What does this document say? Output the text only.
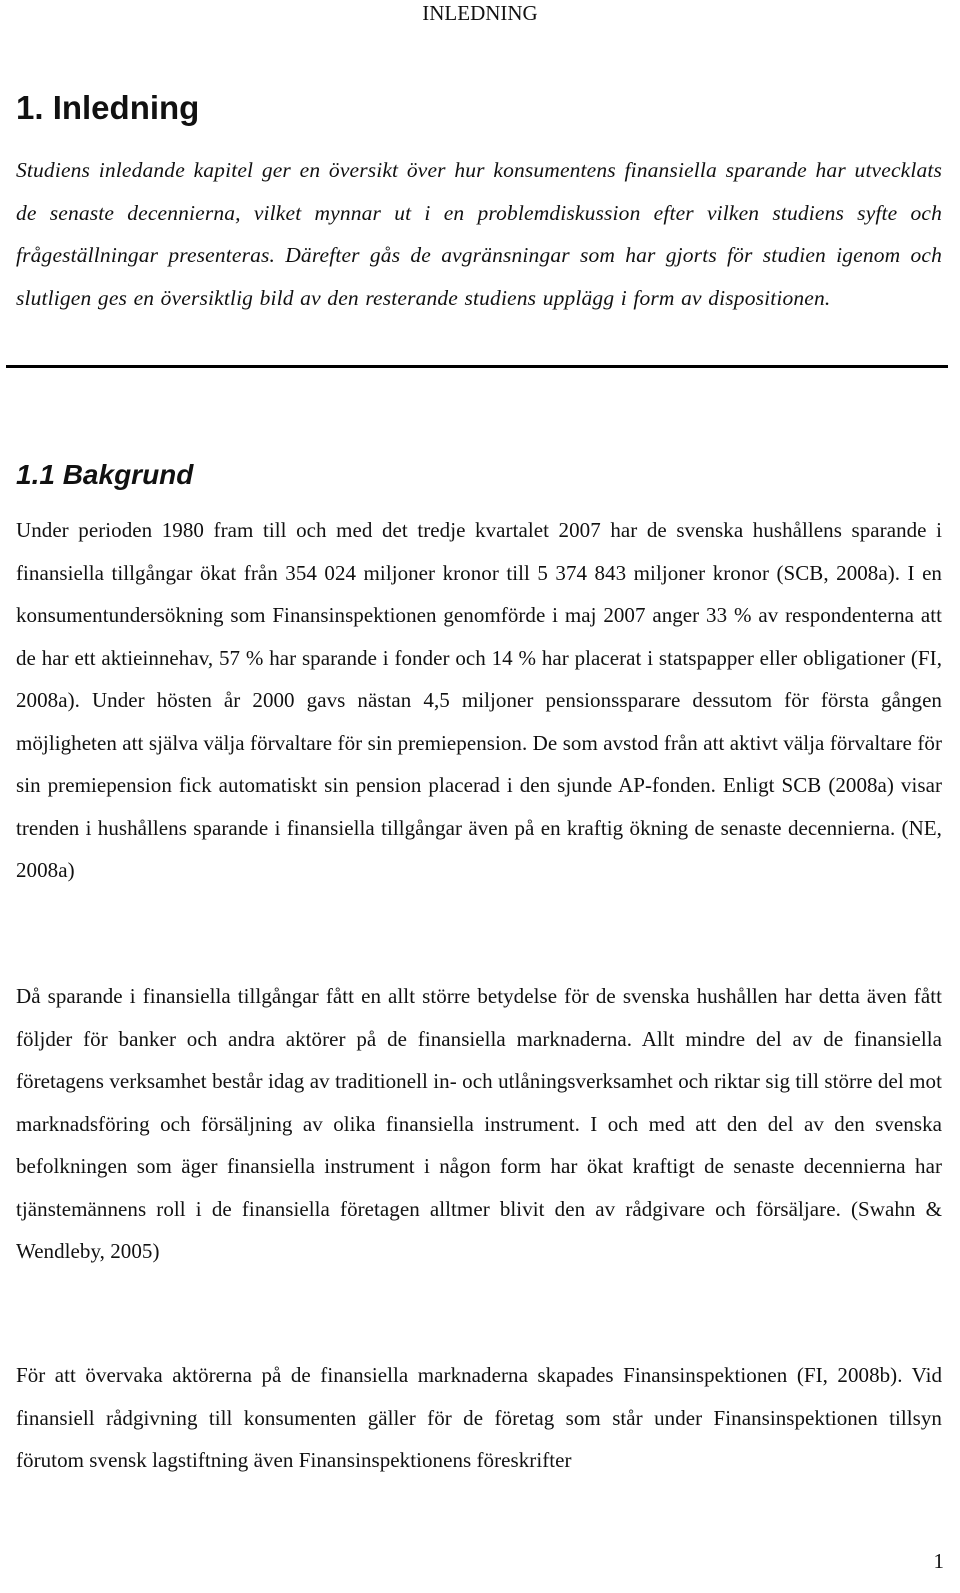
INLEDNING
1. Inledning

Studiens inledande kapitel ger en översikt över hur konsumentens finansiella sparande har utvecklats de senaste decennierna, vilket mynnar ut i en problemdiskussion efter vilken studiens syfte och frågeställningar presenteras. Därefter gås de avgränsningar som har gjorts för studien igenom och slutligen ges en översiktlig bild av den resterande studiens upplägg i form av dispositionen.

1.1 Bakgrund

Under perioden 1980 fram till och med det tredje kvartalet 2007 har de svenska hushållens sparande i finansiella tillgångar ökat från 354 024 miljoner kronor till 5 374 843 miljoner kronor (SCB, 2008a). I en konsumentundersökning som Finansinspektionen genomförde i maj 2007 anger 33 % av respondenterna att de har ett aktieinnehav, 57 % har sparande i fonder och 14 % har placerat i statspapper eller obligationer (FI, 2008a). Under hösten år 2000 gavs nästan 4,5 miljoner pensionssparare dessutom för första gången möjligheten att själva välja förvaltare för sin premiepension. De som avstod från att aktivt välja förvaltare för sin premiepension fick automatiskt sin pension placerad i den sjunde AP-fonden. Enligt SCB (2008a) visar trenden i hushållens sparande i finansiella tillgångar även på en kraftig ökning de senaste decennierna. (NE, 2008a)

Då sparande i finansiella tillgångar fått en allt större betydelse för de svenska hushållen har detta även fått följder för banker och andra aktörer på de finansiella marknaderna. Allt mindre del av de finansiella företagens verksamhet består idag av traditionell in- och utlåningsverksamhet och riktar sig till större del mot marknadsföring och försäljning av olika finansiella instrument. I och med att den del av den svenska befolkningen som äger finansiella instrument i någon form har ökat kraftigt de senaste decennierna har tjänstemännens roll i de finansiella företagen alltmer blivit den av rådgivare och försäljare. (Swahn & Wendleby, 2005)

För att övervaka aktörerna på de finansiella marknaderna skapades Finansinspektionen (FI, 2008b). Vid finansiell rådgivning till konsumenten gäller för de företag som står under Finansinspektionen tillsyn förutom svensk lagstiftning även Finansinspektionens föreskrifter

1
